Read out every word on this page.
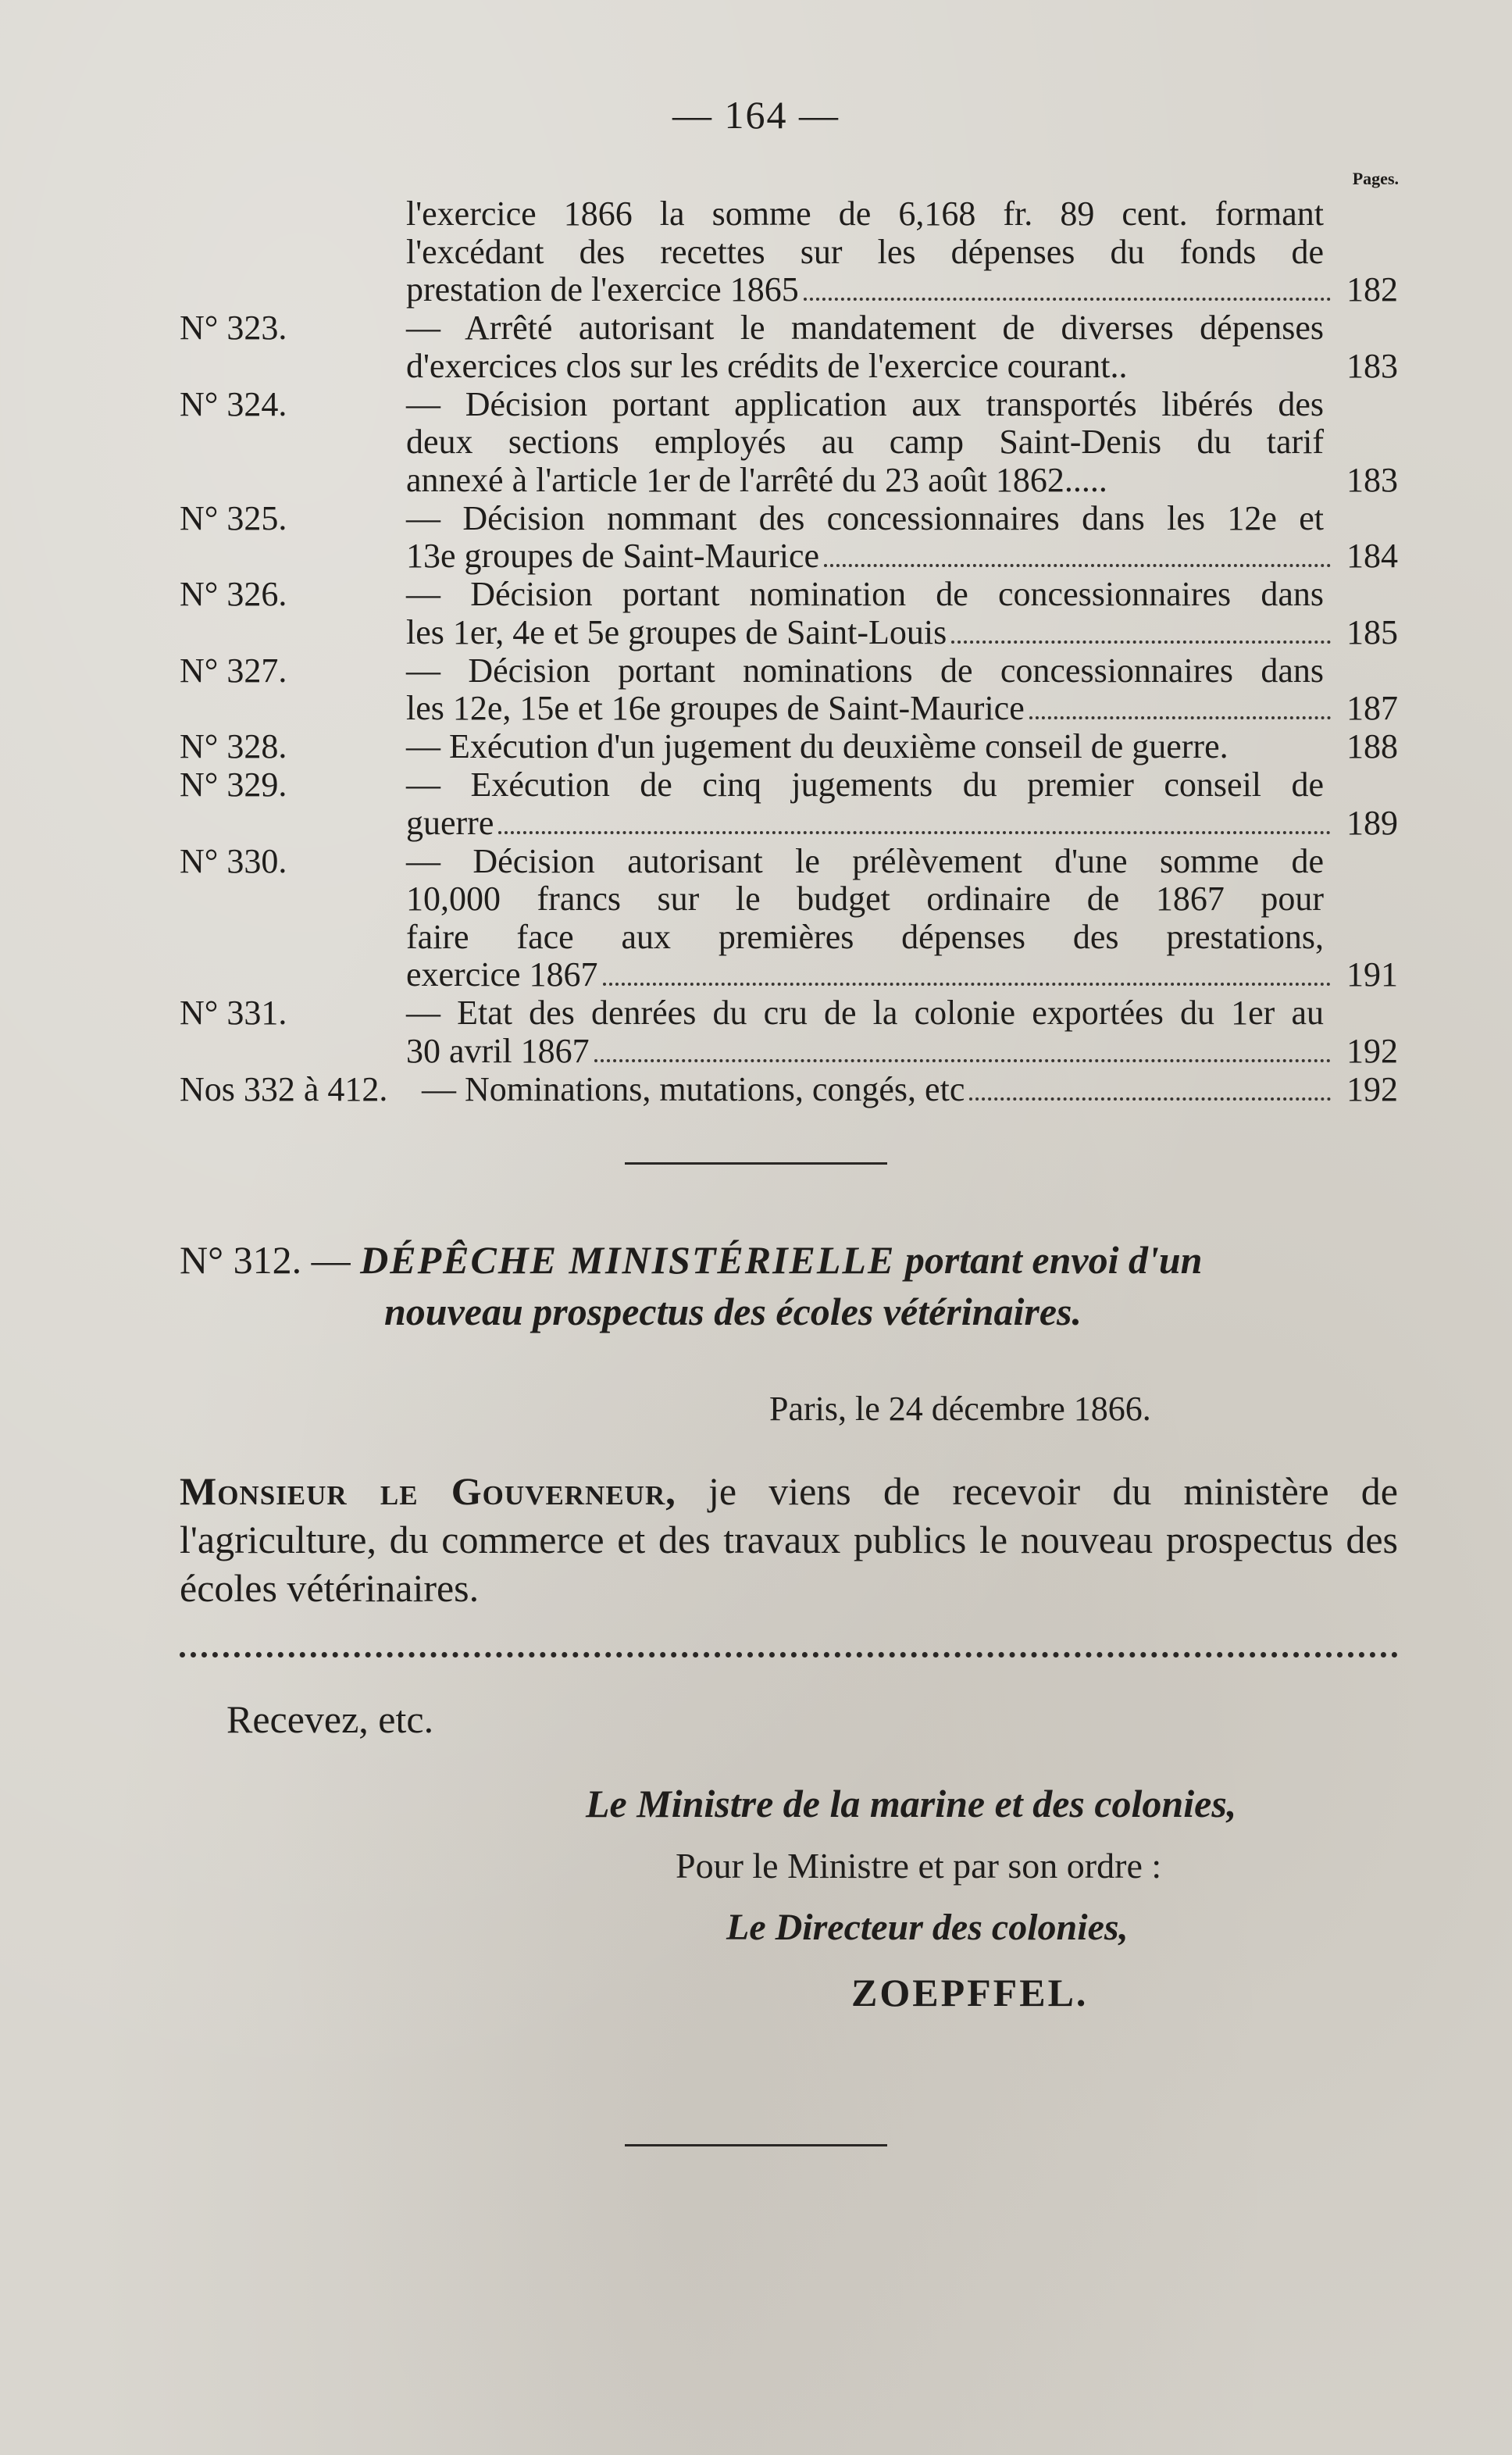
— 164 —
Pages.
l'exercice 1866 la somme de 6,168 fr. 89 cent. formant
l'excédant des recettes sur les dépenses du fonds de
prestation de l'exercice 1865	182
N° 323.	— Arrêté autorisant le mandatement de diverses dépenses
d'exercices clos sur les crédits de l'exercice courant..	183
N° 324.	— Décision portant application aux transportés libérés des
deux sections employés au camp Saint-Denis du tarif
annexé à l'article 1er de l'arrêté du 23 août 1862.....	183
N° 325.	— Décision nommant des concessionnaires dans les 12e et
13e groupes de Saint-Maurice	184
N° 326.	— Décision portant nomination de concessionnaires dans
les 1er, 4e et 5e groupes de Saint-Louis	185
N° 327.	— Décision portant nominations de concessionnaires dans
les 12e, 15e et 16e groupes de Saint-Maurice	187
N° 328.	— Exécution d'un jugement du deuxième conseil de guerre.	188
N° 329.	— Exécution de cinq jugements du premier conseil de
guerre	189
N° 330.	— Décision autorisant le prélèvement d'une somme de
10,000 francs sur le budget ordinaire de 1867 pour
faire face aux premières dépenses des prestations,
exercice 1867	191
N° 331.	— Etat des denrées du cru de la colonie exportées du 1er au
30 avril 1867	192
Nos 332 à 412. — Nominations, mutations, congés, etc	192
N° 312. — DÉPÊCHE MINISTÉRIELLE portant envoi d'un
nouveau prospectus des écoles vétérinaires.
Paris, le 24 décembre 1866.
Monsieur le Gouverneur, je viens de recevoir du ministère de l'agriculture, du commerce et des travaux publics le nouveau prospectus des écoles vétérinaires.
Recevez, etc.
Le Ministre de la marine et des colonies,
Pour le Ministre et par son ordre :
Le Directeur des colonies,
ZOEPFFEL.
